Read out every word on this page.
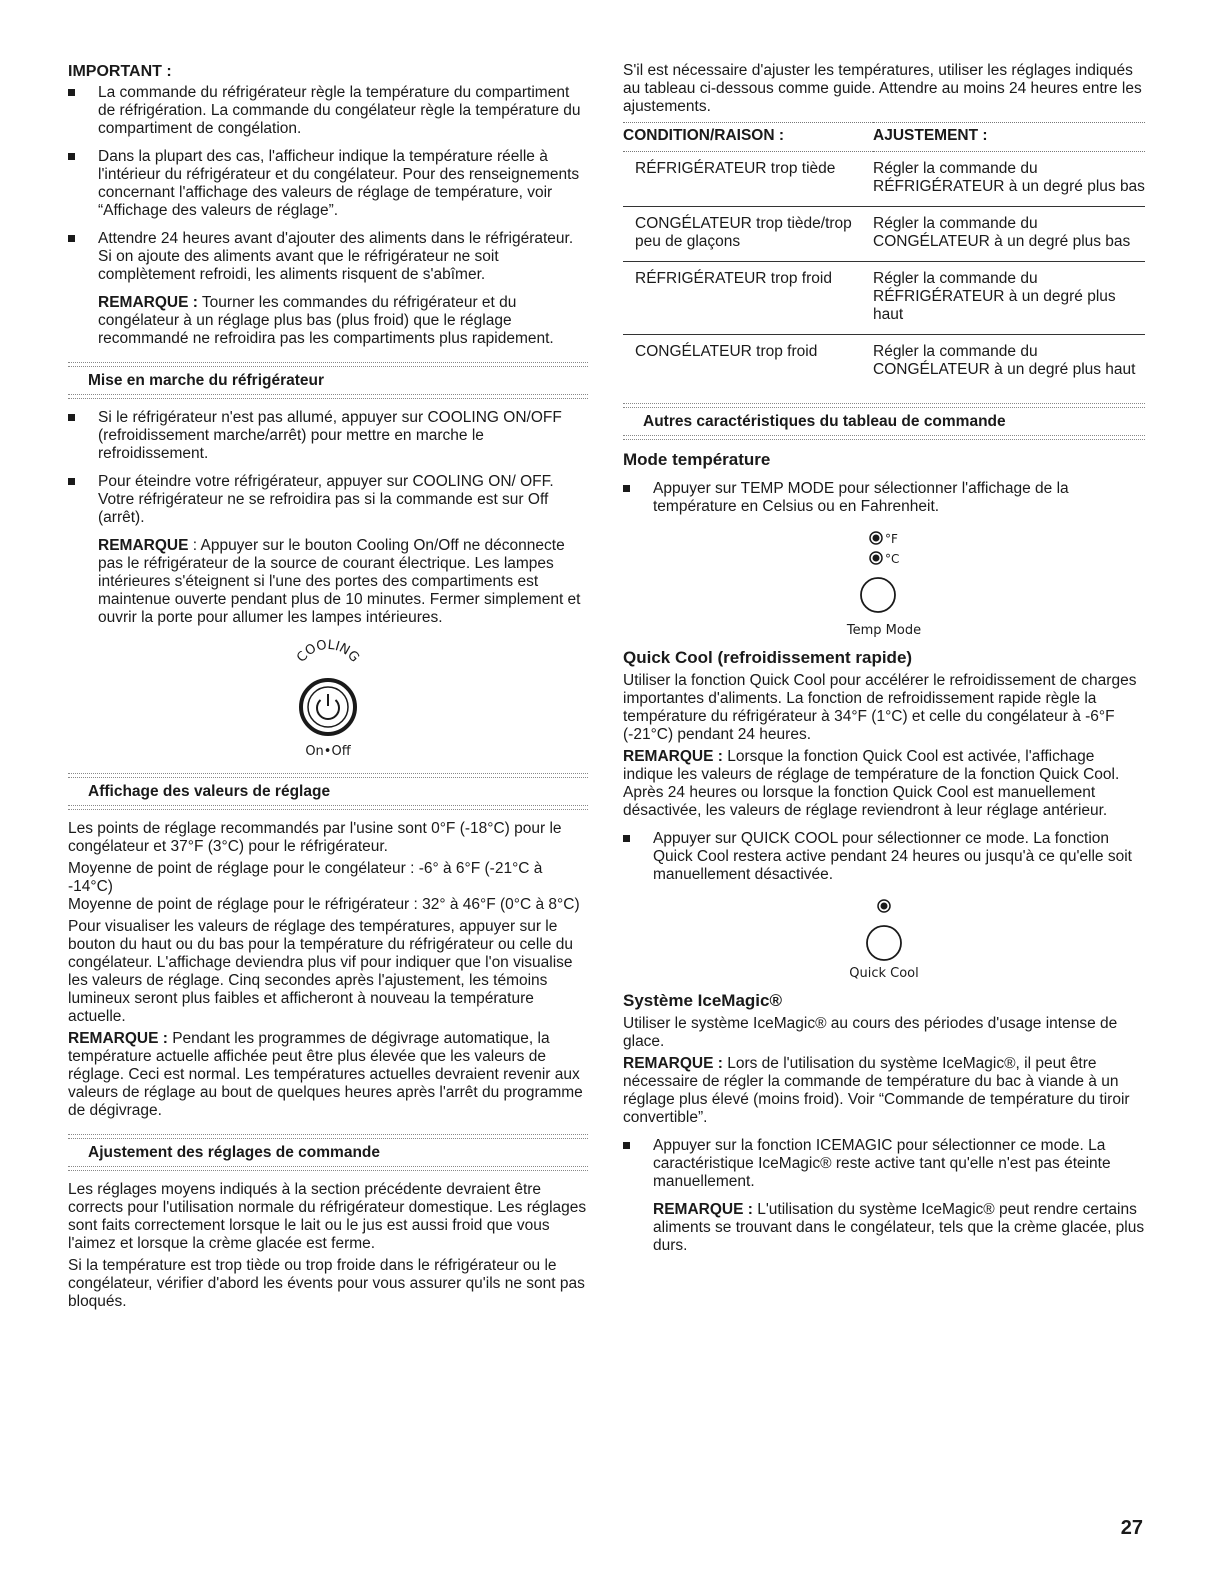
IMPORTANT :

La commande du réfrigérateur règle la température du compartiment de réfrigération. La commande du congélateur règle la température du compartiment de congélation.

Dans la plupart des cas, l'afficheur indique la température réelle à l'intérieur du réfrigérateur et du congélateur. Pour des renseignements concernant l'affichage des valeurs de réglage de température, voir “Affichage des valeurs de réglage”.

Attendre 24 heures avant d'ajouter des aliments dans le réfrigérateur. Si on ajoute des aliments avant que le réfrigérateur ne soit complètement refroidi, les aliments risquent de s'abîmer.

REMARQUE : Tourner les commandes du réfrigérateur et du congélateur à un réglage plus bas (plus froid) que le réglage recommandé ne refroidira pas les compartiments plus rapidement.

Mise en marche du réfrigérateur

Si le réfrigérateur n'est pas allumé, appuyer sur COOLING ON/OFF (refroidissement marche/arrêt) pour mettre en marche le refroidissement.

Pour éteindre votre réfrigérateur, appuyer sur COOLING ON/ OFF. Votre réfrigérateur ne se refroidira pas si la commande est sur Off (arrêt).

REMARQUE : Appuyer sur le bouton Cooling On/Off ne déconnecte pas le réfrigérateur de la source de courant électrique. Les lampes intérieures s'éteignent si l'une des portes des compartiments est maintenue ouverte pendant plus de 10 minutes. Fermer simplement et ouvrir la porte pour allumer les lampes intérieures.

COOLING
On•Off
Affichage des valeurs de réglage

Les points de réglage recommandés par l'usine sont 0°F (-18°C) pour le congélateur et 37°F (3°C) pour le réfrigérateur.

Moyenne de point de réglage pour le congélateur : -6° à 6°F (-21°C à -14°C)

Moyenne de point de réglage pour le réfrigérateur : 32° à 46°F (0°C à 8°C)

Pour visualiser les valeurs de réglage des températures, appuyer sur le bouton du haut ou du bas pour la température du réfrigérateur ou celle du congélateur. L'affichage deviendra plus vif pour indiquer que l'on visualise les valeurs de réglage. Cinq secondes après l'ajustement, les témoins lumineux seront plus faibles et afficheront à nouveau la température actuelle.

REMARQUE : Pendant les programmes de dégivrage automatique, la température actuelle affichée peut être plus élevée que les valeurs de réglage. Ceci est normal. Les températures actuelles devraient revenir aux valeurs de réglage au bout de quelques heures après l'arrêt du programme de dégivrage.

Ajustement des réglages de commande

Les réglages moyens indiqués à la section précédente devraient être corrects pour l'utilisation normale du réfrigérateur domestique. Les réglages sont faits correctement lorsque le lait ou le jus est aussi froid que vous l'aimez et lorsque la crème glacée est ferme.

Si la température est trop tiède ou trop froide dans le réfrigérateur ou le congélateur, vérifier d'abord les évents pour vous assurer qu'ils ne sont pas bloqués.

S'il est nécessaire d'ajuster les températures, utiliser les réglages indiqués au tableau ci-dessous comme guide. Attendre au moins 24 heures entre les ajustements.

CONDITION/RAISON :	AJUSTEMENT :
RÉFRIGÉRATEUR trop tiède	Régler la commande du RÉFRIGÉRATEUR à un degré plus bas
CONGÉLATEUR trop tiède/trop peu de glaçons	Régler la commande du CONGÉLATEUR à un degré plus bas
RÉFRIGÉRATEUR trop froid	Régler la commande du RÉFRIGÉRATEUR à un degré plus haut
CONGÉLATEUR trop froid	Régler la commande du CONGÉLATEUR à un degré plus haut
Autres caractéristiques du tableau de commande
Mode température

Appuyer sur TEMP MODE pour sélectionner l'affichage de la température en Celsius ou en Fahrenheit.

°F
°C
Temp Mode
Quick Cool (refroidissement rapide)

Utiliser la fonction Quick Cool pour accélérer le refroidissement de charges importantes d'aliments. La fonction de refroidissement rapide règle la température du réfrigérateur à 34°F (1°C) et celle du congélateur à -6°F (-21°C) pendant 24 heures.

REMARQUE : Lorsque la fonction Quick Cool est activée, l'affichage indique les valeurs de réglage de température de la fonction Quick Cool. Après 24 heures ou lorsque la fonction Quick Cool est manuellement désactivée, les valeurs de réglage reviendront à leur réglage antérieur.

Appuyer sur QUICK COOL pour sélectionner ce mode. La fonction Quick Cool restera active pendant 24 heures ou jusqu'à ce qu'elle soit manuellement désactivée.

Quick Cool
Système IceMagic®

Utiliser le système IceMagic® au cours des périodes d'usage intense de glace.

REMARQUE : Lors de l'utilisation du système IceMagic®, il peut être nécessaire de régler la commande de température du bac à viande à un réglage plus élevé (moins froid). Voir “Commande de température du tiroir convertible”.

Appuyer sur la fonction ICEMAGIC pour sélectionner ce mode. La caractéristique IceMagic® reste active tant qu'elle n'est pas éteinte manuellement.

REMARQUE : L'utilisation du système IceMagic® peut rendre certains aliments se trouvant dans le congélateur, tels que la crème glacée, plus durs.

27
